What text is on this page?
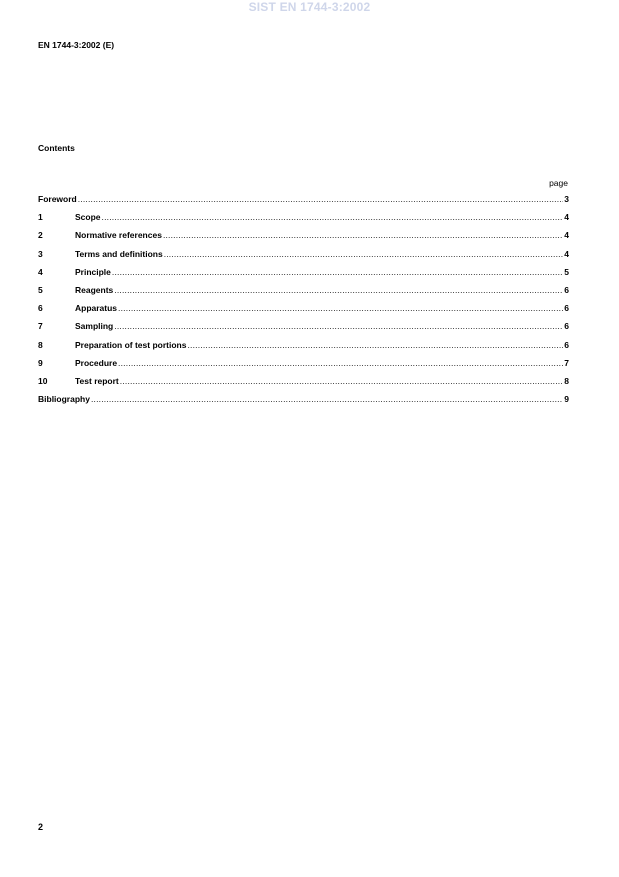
SIST EN 1744-3:2002
EN 1744-3:2002 (E)
Contents
page
Foreword .....	3
1	Scope .....	4
2	Normative references .....	4
3	Terms and definitions .....	4
4	Principle .....	5
5	Reagents .....	6
6	Apparatus .....	6
7	Sampling .....	6
8	Preparation of test portions .....	6
9	Procedure .....	7
10	Test report .....	8
Bibliography .....	9
2
